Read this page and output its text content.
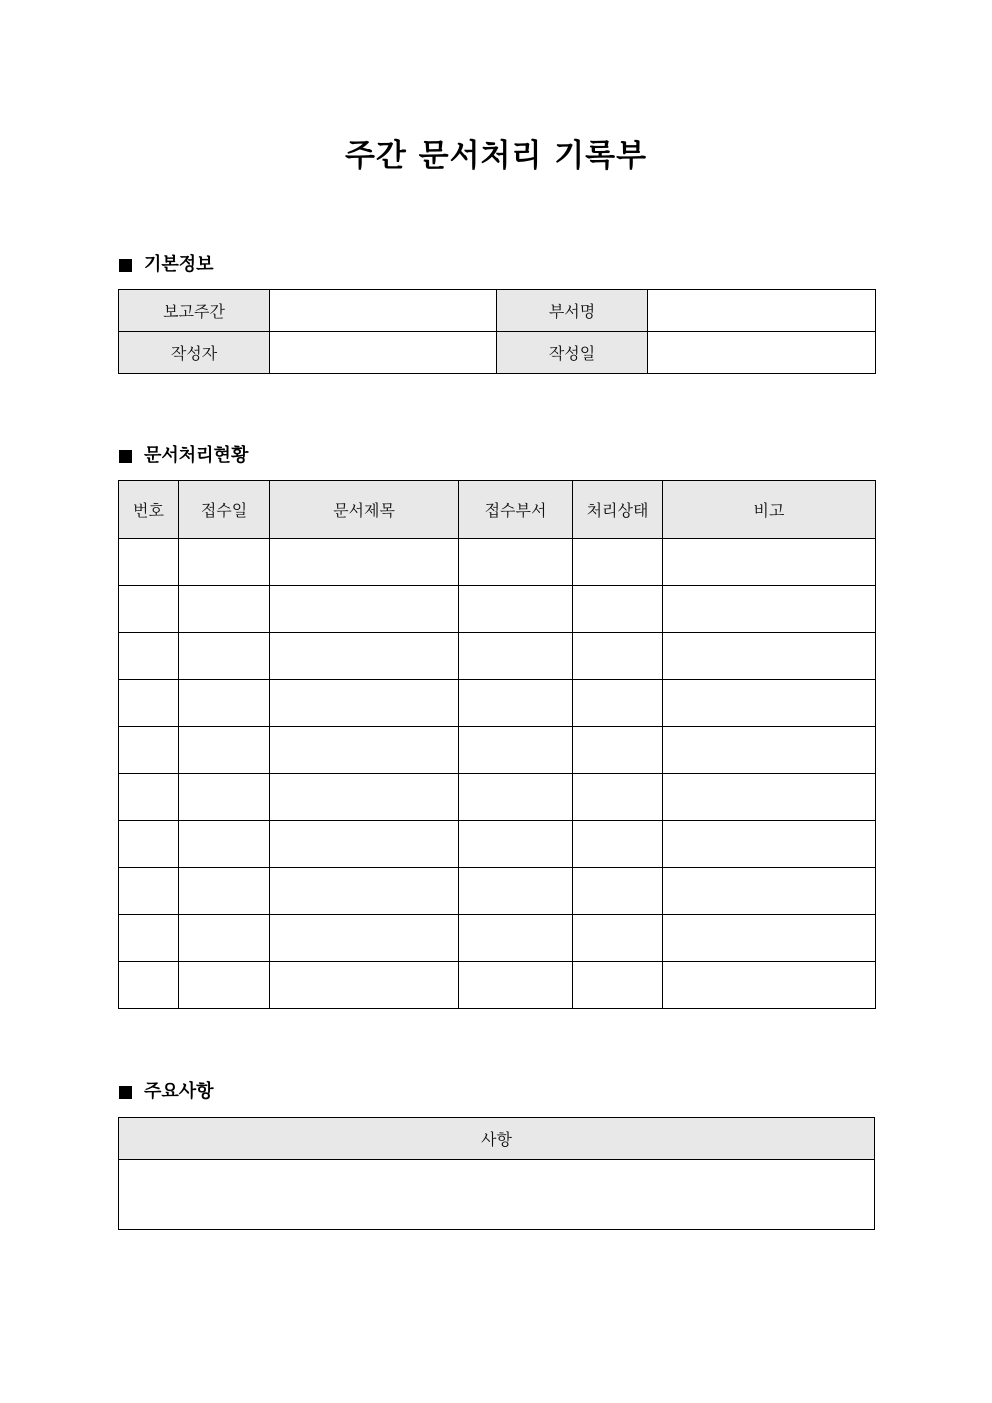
주간 문서처리 기록부
기본정보
보고주간		부서명	
작성자		작성일	
문서처리현황
번호	접수일	문서제목	접수부서	처리상태	비고

주요사항
사항
